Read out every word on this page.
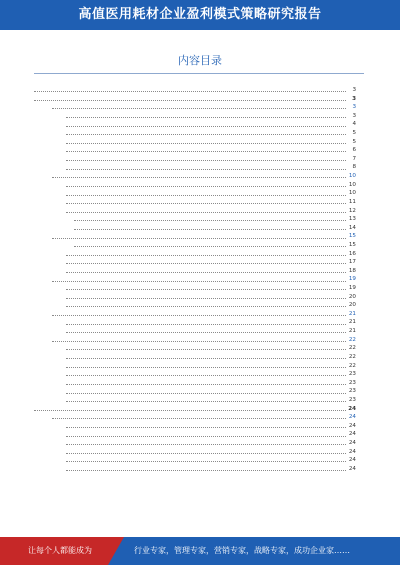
高值医用耗材企业盈利模式策略研究报告
内容目录
3
3
3
3
4
5
5
6
7
8
10
10
10
11
12
13
14
15
15
16
17
18
19
19
20
20
21
21
21
22
22
22
22
23
23
23
23
24
24
24
24
24
24
24
24
让每个人都能成为	行业专家，管理专家，营销专家，战略专家，成功企业家……
